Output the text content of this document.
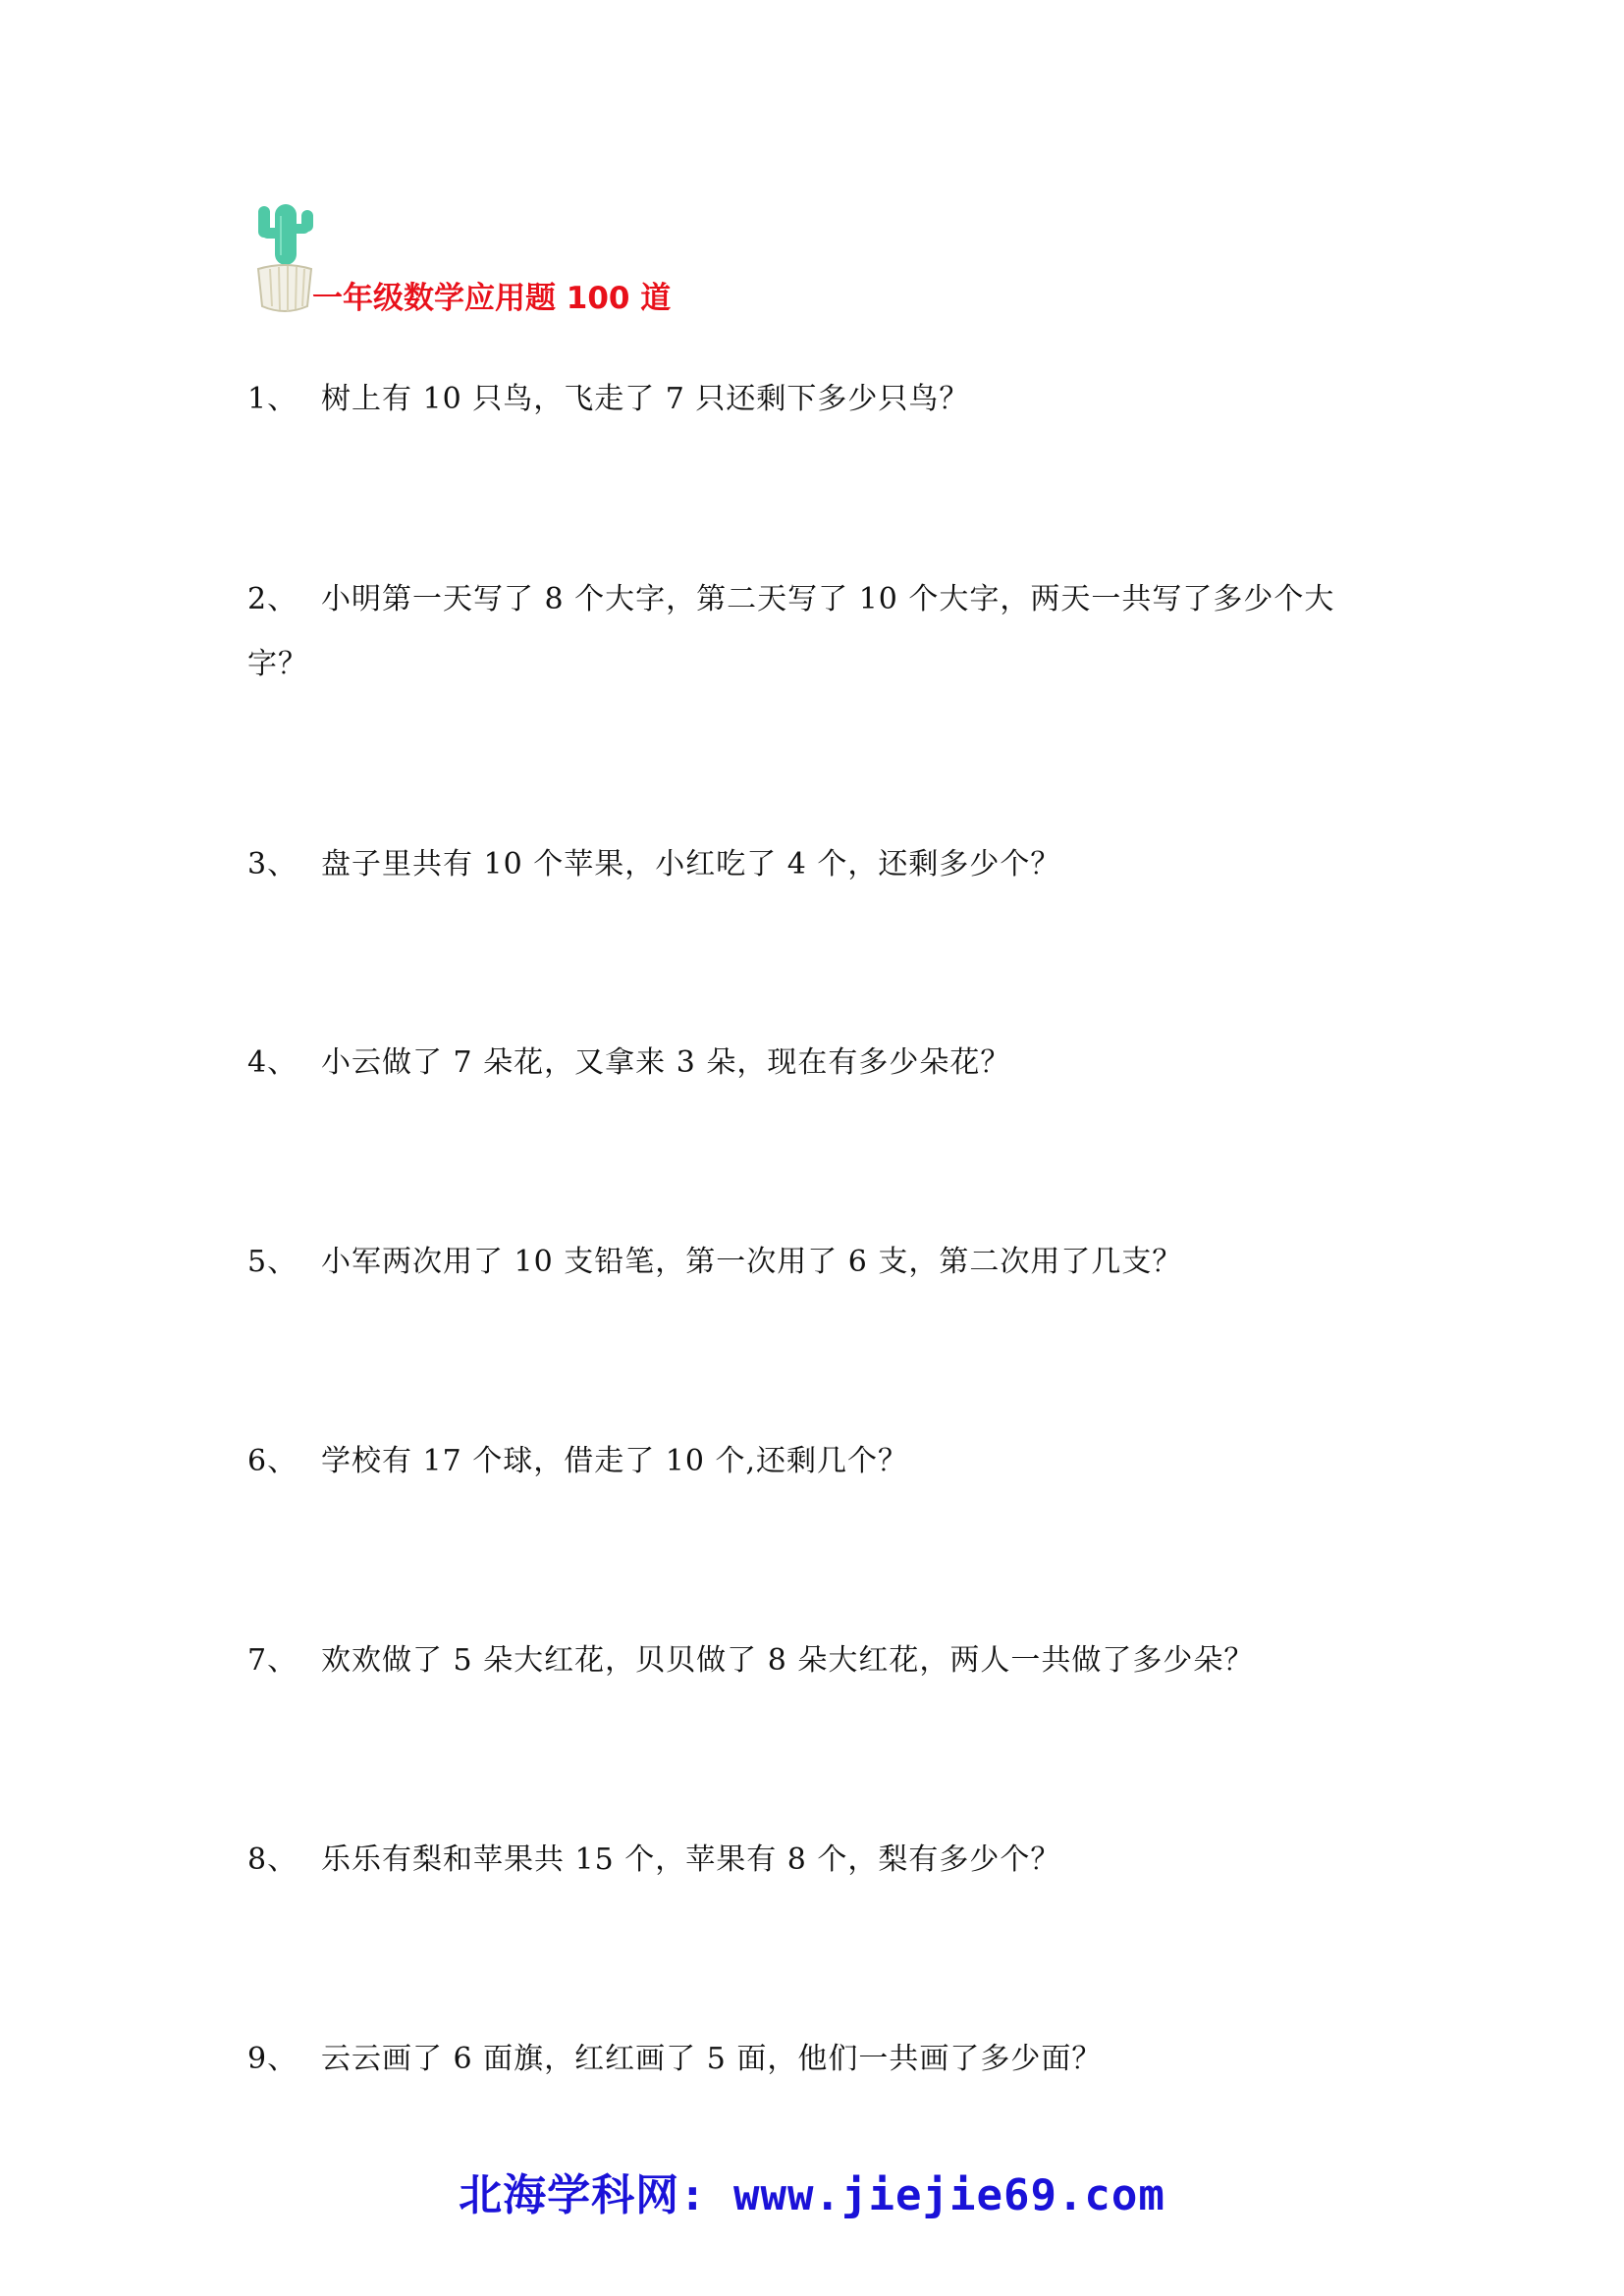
一年级数学应用题 100 道
1、 树上有 10 只鸟，飞走了 7 只还剩下多少只鸟？
2、 小明第一天写了 8 个大字，第二天写了 10 个大字，两天一共写了多少个大字？
3、 盘子里共有 10 个苹果，小红吃了 4 个，还剩多少个？
4、 小云做了 7 朵花，又拿来 3 朵，现在有多少朵花？
5、 小军两次用了 10 支铅笔，第一次用了 6 支，第二次用了几支？
6、 学校有 17 个球，借走了 10 个,还剩几个？
7、 欢欢做了 5 朵大红花，贝贝做了 8 朵大红花，两人一共做了多少朵？
8、 乐乐有梨和苹果共 15 个，苹果有 8 个，梨有多少个？
9、 云云画了 6 面旗，红红画了 5 面，他们一共画了多少面？
北海学科网: www.jiejie69.com
